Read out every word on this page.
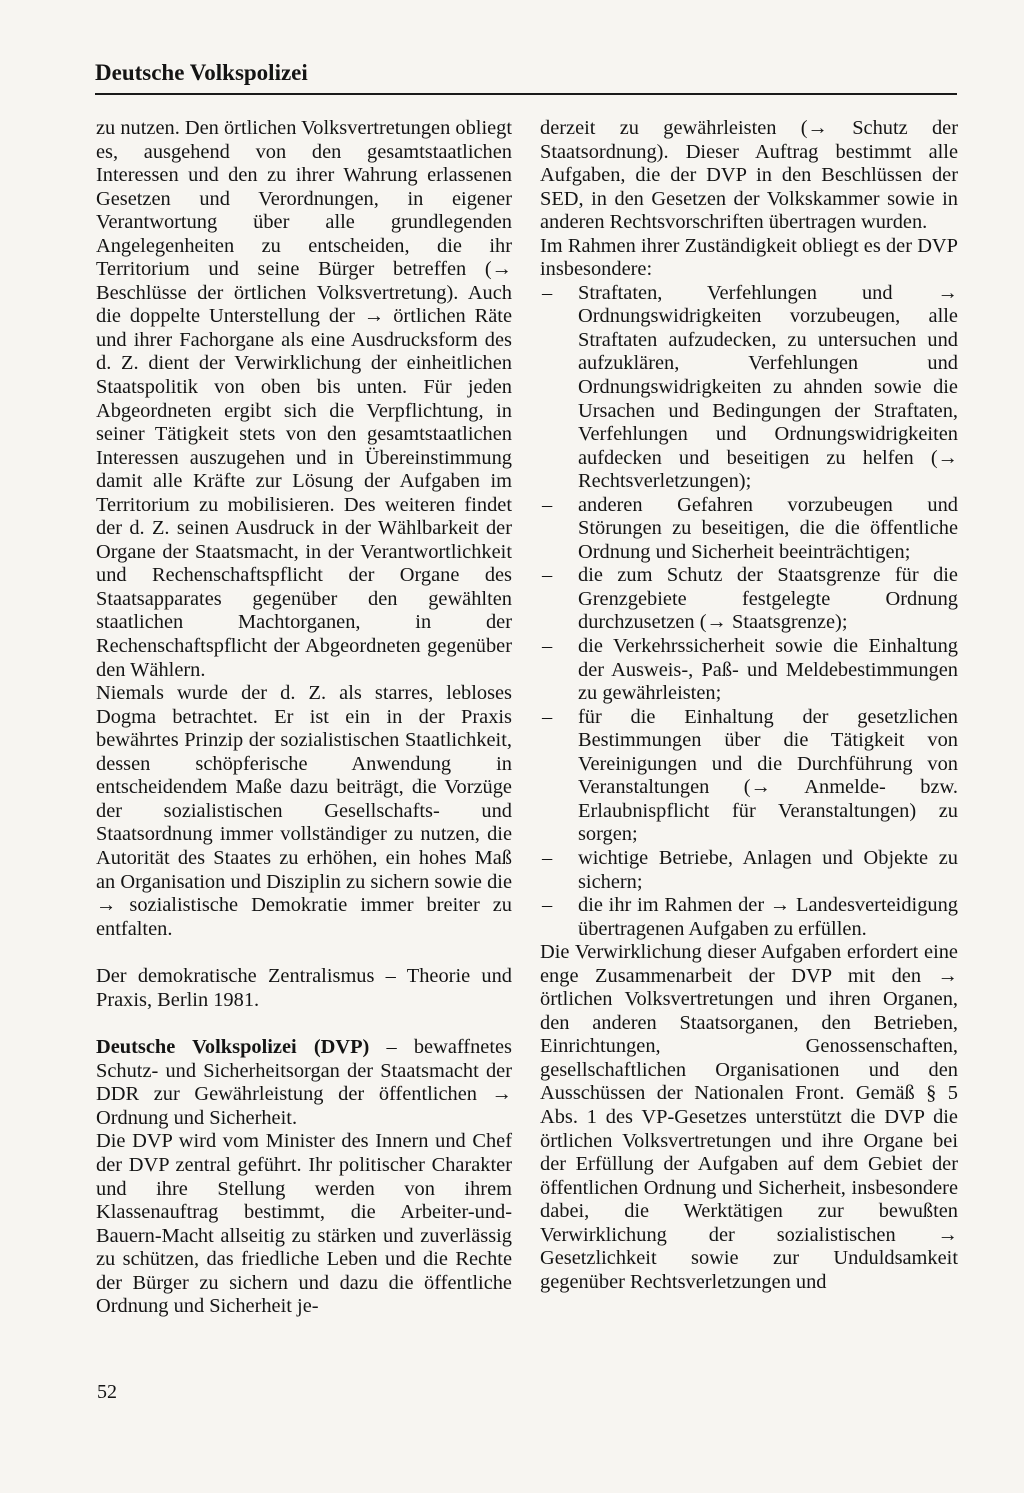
Deutsche Volkspolizei

zu nutzen. Den örtlichen Volksvertretungen obliegt es, ausgehend von den gesamtstaatlichen Interessen und den zu ihrer Wahrung erlassenen Gesetzen und Verordnungen, in eigener Verantwortung über alle grundlegenden Angelegenheiten zu entscheiden, die ihr Territorium und seine Bürger betreffen (→ Beschlüsse der örtlichen Volksvertretung). Auch die doppelte Unterstellung der → örtlichen Räte und ihrer Fachorgane als eine Ausdrucksform des d. Z. dient der Verwirklichung der einheitlichen Staatspolitik von oben bis unten. Für jeden Abgeordneten ergibt sich die Verpflichtung, in seiner Tätigkeit stets von den gesamtstaatlichen Interessen auszugehen und in Übereinstimmung damit alle Kräfte zur Lösung der Aufgaben im Territorium zu mobilisieren. Des weiteren findet der d. Z. seinen Ausdruck in der Wählbarkeit der Organe der Staatsmacht, in der Verantwortlichkeit und Rechenschaftspflicht der Organe des Staatsapparates gegenüber den gewählten staatlichen Machtorganen, in der Rechenschaftspflicht der Abgeordneten gegenüber den Wählern.

Niemals wurde der d. Z. als starres, lebloses Dogma betrachtet. Er ist ein in der Praxis bewährtes Prinzip der sozialistischen Staatlichkeit, dessen schöpferische Anwendung in entscheidendem Maße dazu beiträgt, die Vorzüge der sozialistischen Gesellschafts- und Staatsordnung immer vollständiger zu nutzen, die Autorität des Staates zu erhöhen, ein hohes Maß an Organisation und Disziplin zu sichern sowie die → sozialistische Demokratie immer breiter zu entfalten.

Der demokratische Zentralismus – Theorie und Praxis, Berlin 1981.

Deutsche Volkspolizei (DVP) – bewaffnetes Schutz- und Sicherheitsorgan der Staatsmacht der DDR zur Gewährleistung der öffentlichen → Ordnung und Sicherheit.

Die DVP wird vom Minister des Innern und Chef der DVP zentral geführt. Ihr politischer Charakter und ihre Stellung werden von ihrem Klassenauftrag bestimmt, die Arbeiter-und-Bauern-Macht allseitig zu stärken und zuverlässig zu schützen, das friedliche Leben und die Rechte der Bürger zu sichern und dazu die öffentliche Ordnung und Sicherheit je-

derzeit zu gewährleisten (→ Schutz der Staatsordnung). Dieser Auftrag bestimmt alle Aufgaben, die der DVP in den Beschlüssen der SED, in den Gesetzen der Volkskammer sowie in anderen Rechtsvorschriften übertragen wurden.

Im Rahmen ihrer Zuständigkeit obliegt es der DVP insbesondere:

– Straftaten, Verfehlungen und → Ordnungswidrigkeiten vorzubeugen, alle Straftaten aufzudecken, zu untersuchen und aufzuklären, Verfehlungen und Ordnungswidrigkeiten zu ahnden sowie die Ursachen und Bedingungen der Straftaten, Verfehlungen und Ordnungswidrigkeiten aufdecken und beseitigen zu helfen (→ Rechtsverletzungen);
– anderen Gefahren vorzubeugen und Störungen zu beseitigen, die die öffentliche Ordnung und Sicherheit beeinträchtigen;
– die zum Schutz der Staatsgrenze für die Grenzgebiete festgelegte Ordnung durchzusetzen (→ Staatsgrenze);
– die Verkehrssicherheit sowie die Einhaltung der Ausweis-, Paß- und Meldebestimmungen zu gewährleisten;
– für die Einhaltung der gesetzlichen Bestimmungen über die Tätigkeit von Vereinigungen und die Durchführung von Veranstaltungen (→ Anmelde- bzw. Erlaubnispflicht für Veranstaltungen) zu sorgen;
– wichtige Betriebe, Anlagen und Objekte zu sichern;
– die ihr im Rahmen der → Landesverteidigung übertragenen Aufgaben zu erfüllen.

Die Verwirklichung dieser Aufgaben erfordert eine enge Zusammenarbeit der DVP mit den → örtlichen Volksvertretungen und ihren Organen, den anderen Staatsorganen, den Betrieben, Einrichtungen, Genossenschaften, gesellschaftlichen Organisationen und den Ausschüssen der Nationalen Front. Gemäß § 5 Abs. 1 des VP-Gesetzes unterstützt die DVP die örtlichen Volksvertretungen und ihre Organe bei der Erfüllung der Aufgaben auf dem Gebiet der öffentlichen Ordnung und Sicherheit, insbesondere dabei, die Werktätigen zur bewußten Verwirklichung der sozialistischen → Gesetzlichkeit sowie zur Unduldsamkeit gegenüber Rechtsverletzungen und

52
